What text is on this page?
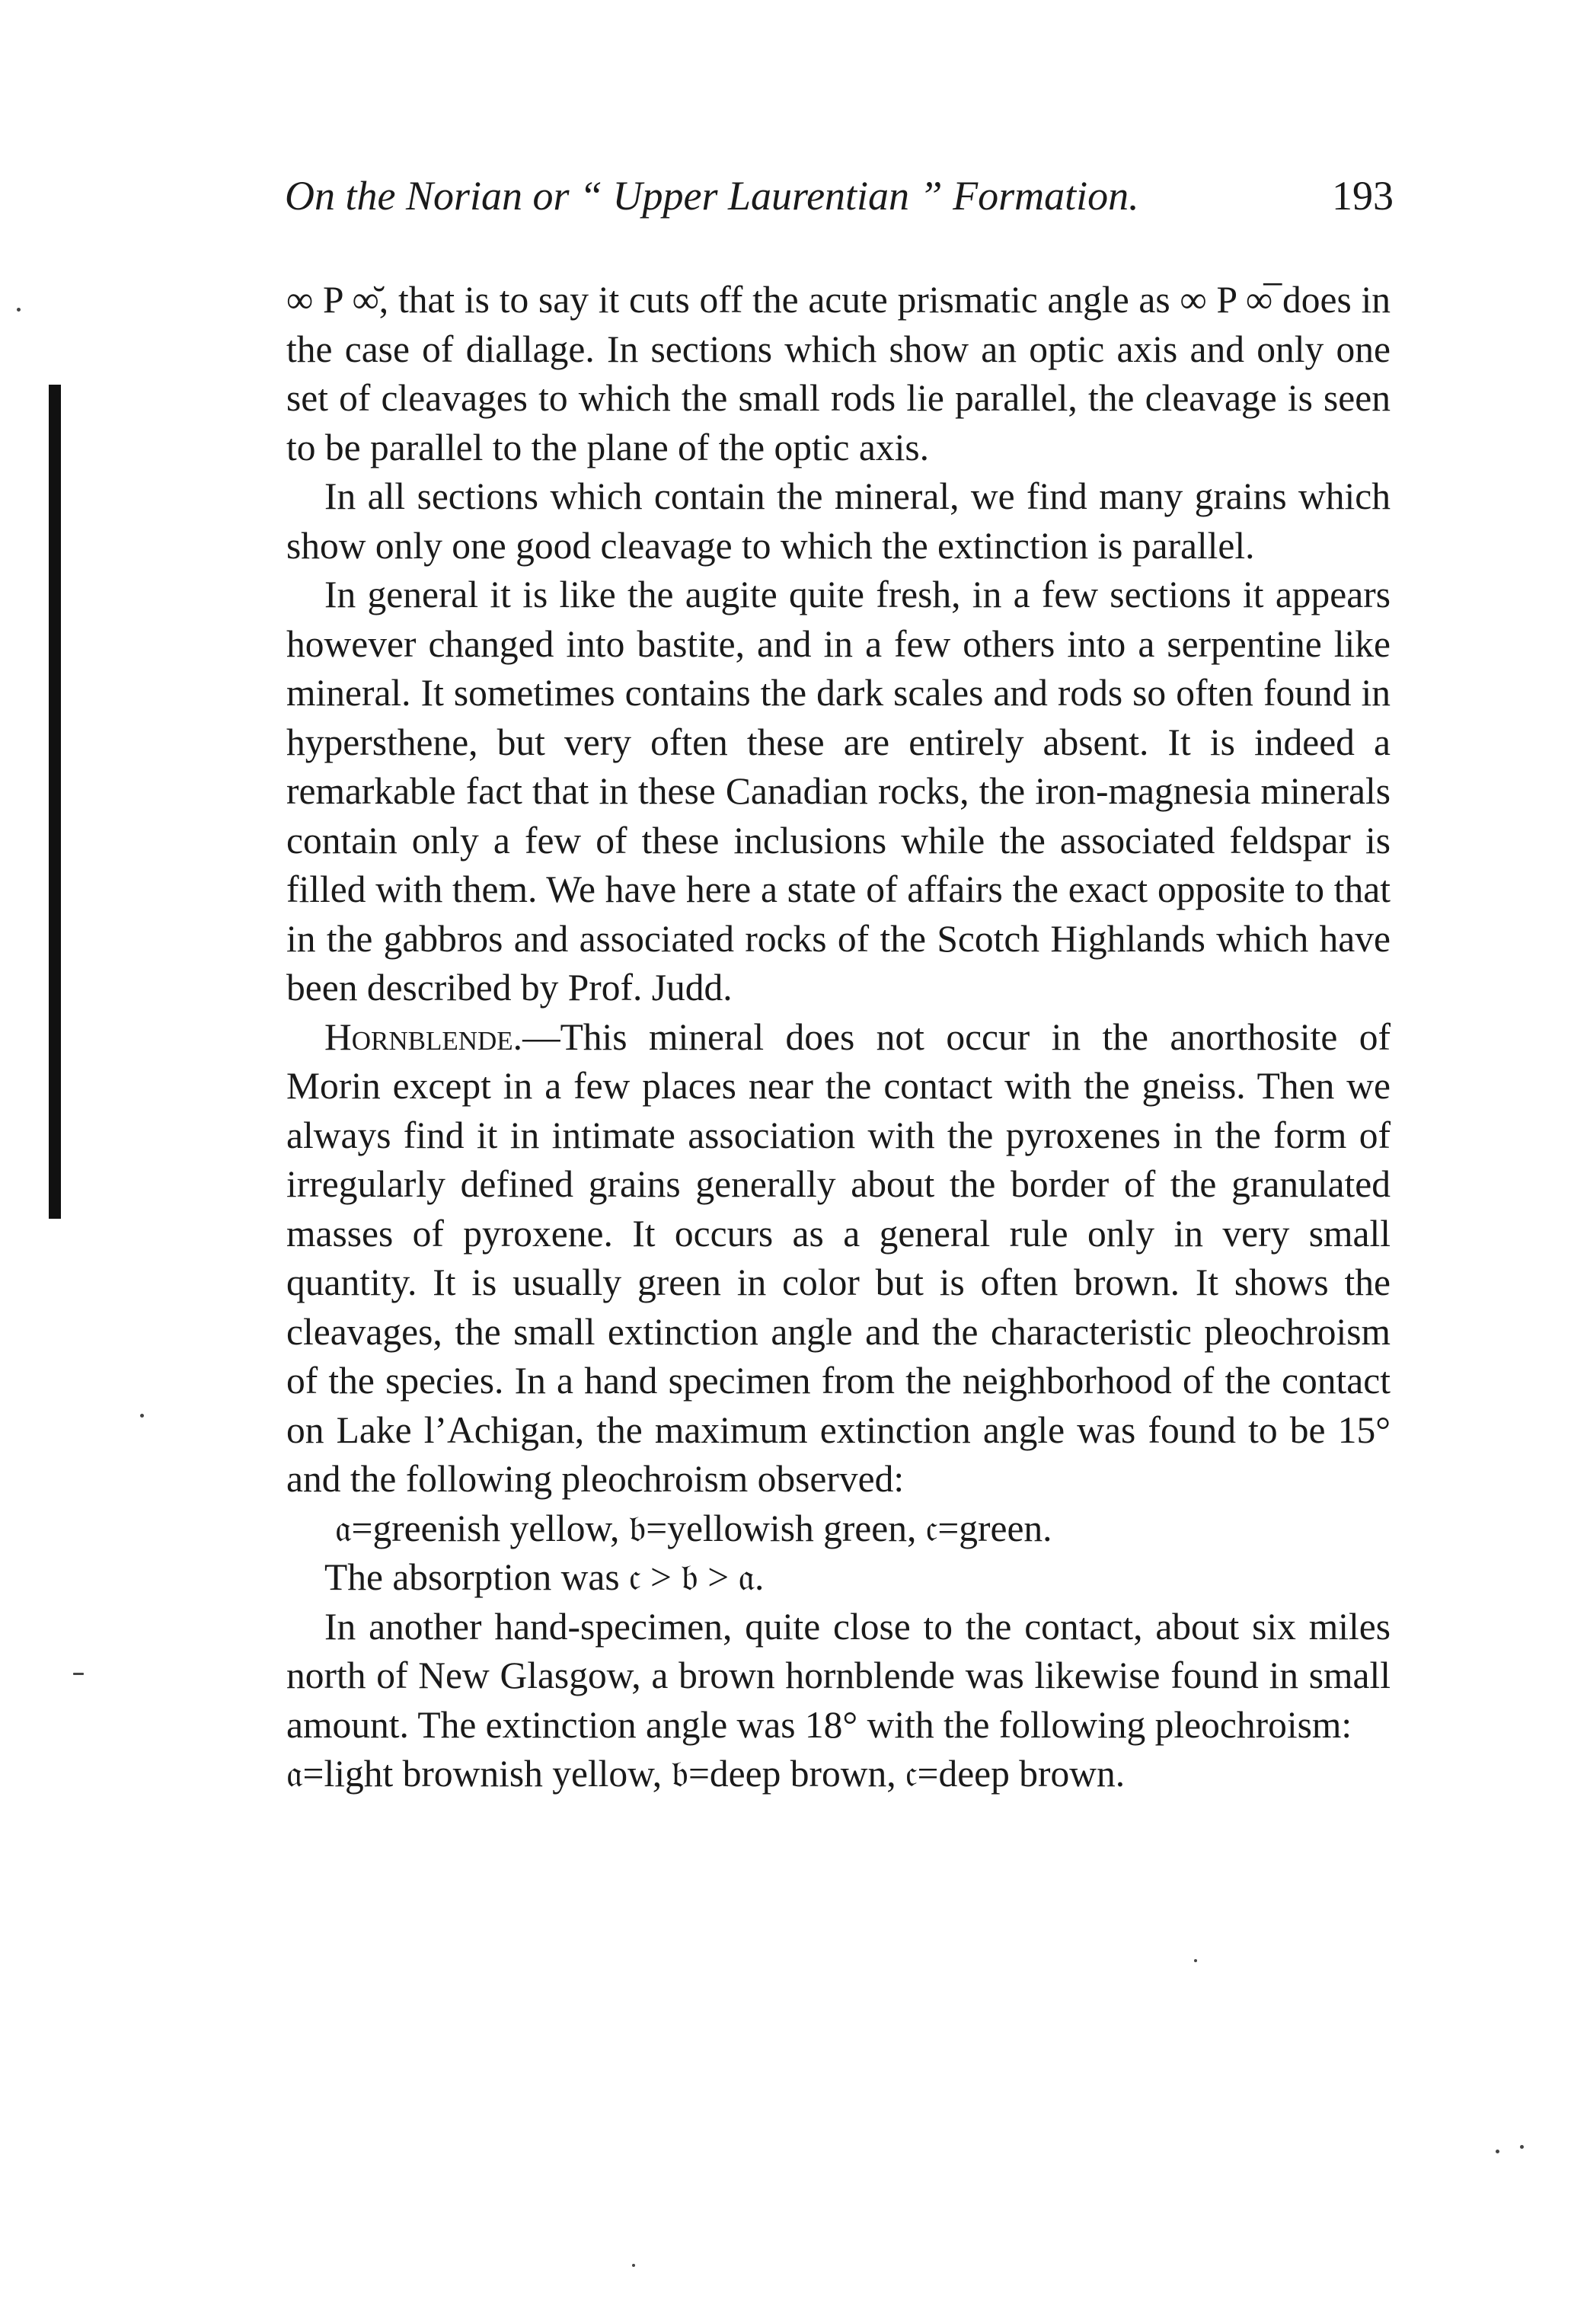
On the Norian or “ Upper Laurentian ” Formation.	193

∞ P ∞̆, that is to say it cuts off the acute prismatic angle as ∞ P ∞̅ does in the case of diallage. In sections which show an optic axis and only one set of cleavages to which the small rods lie parallel, the cleavage is seen to be parallel to the plane of the optic axis.

In all sections which contain the mineral, we find many grains which show only one good cleavage to which the extinction is parallel.

In general it is like the augite quite fresh, in a few sections it appears however changed into bastite, and in a few others into a serpentine like mineral. It sometimes contains the dark scales and rods so often found in hypersthene, but very often these are entirely absent. It is indeed a remarkable fact that in these Canadian rocks, the iron-magnesia minerals contain only a few of these inclusions while the associated feldspar is filled with them. We have here a state of affairs the exact opposite to that in the gabbros and associated rocks of the Scotch Highlands which have been described by Prof. Judd.

Hornblende.—This mineral does not occur in the anorthosite of Morin except in a few places near the contact with the gneiss. Then we always find it in intimate association with the pyroxenes in the form of irregularly defined grains generally about the border of the granulated masses of pyroxene. It occurs as a general rule only in very small quantity. It is usually green in color but is often brown. It shows the cleavages, the small extinction angle and the characteristic pleochroism of the species. In a hand specimen from the neighborhood of the contact on Lake l’Achigan, the maximum extinction angle was found to be 15° and the following pleochroism observed:

𝔞=greenish yellow, 𝔟=yellowish green, 𝔠=green.

The absorption was 𝔠 > 𝔟 > 𝔞.

In another hand-specimen, quite close to the contact, about six miles north of New Glasgow, a brown hornblende was likewise found in small amount. The extinction angle was 18° with the following pleochroism:

𝔞=light brownish yellow, 𝔟=deep brown, 𝔠=deep brown.
